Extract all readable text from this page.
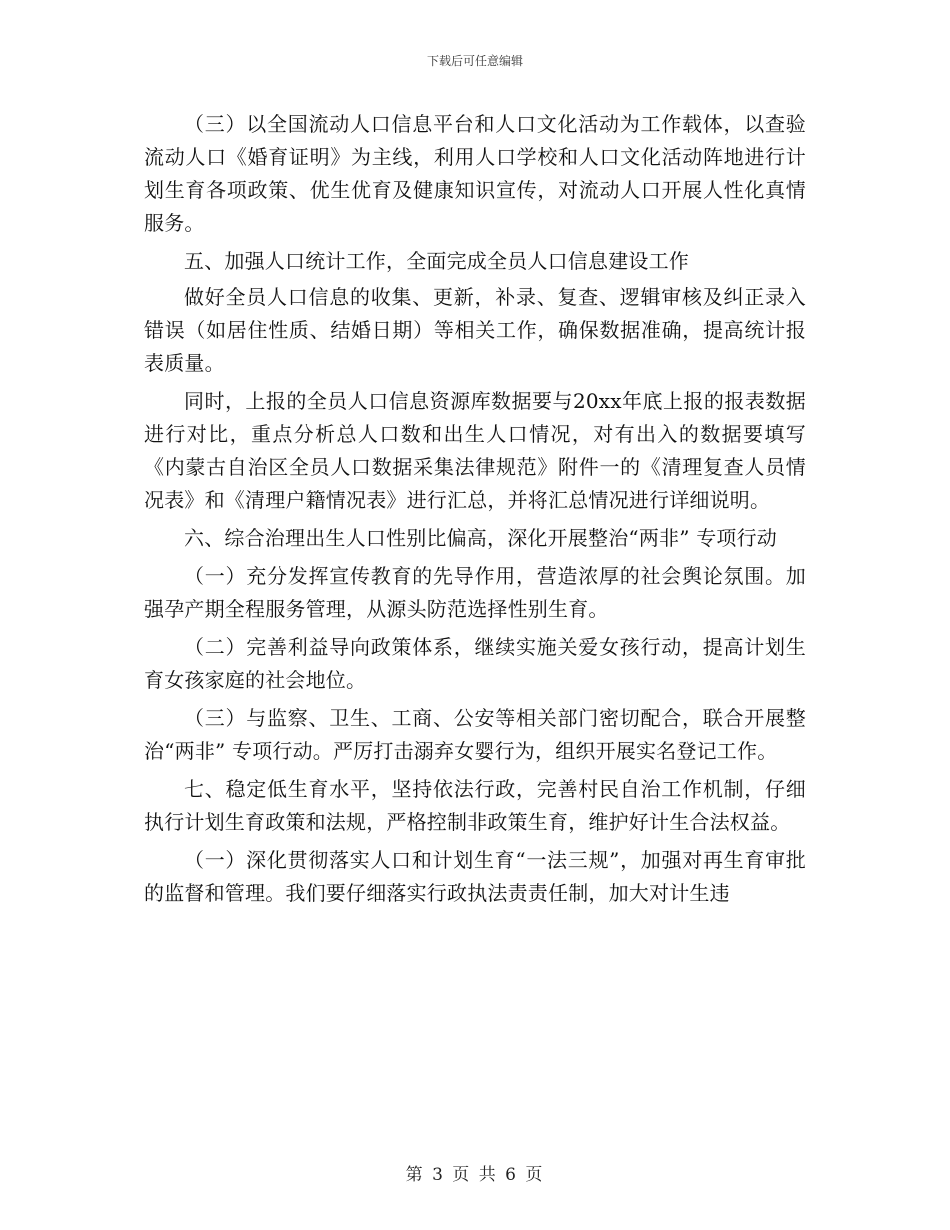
下载后可任意编辑

（三）以全国流动人口信息平台和人口文化活动为工作载体，以查验流动人口《婚育证明》为主线，利用人口学校和人口文化活动阵地进行计划生育各项政策、优生优育及健康知识宣传，对流动人口开展人性化真情服务。

五、加强人口统计工作，全面完成全员人口信息建设工作

做好全员人口信息的收集、更新，补录、复查、逻辑审核及纠正录入错误（如居住性质、结婚日期）等相关工作，确保数据准确，提高统计报表质量。

同时，上报的全员人口信息资源库数据要与20xx年底上报的报表数据进行对比，重点分析总人口数和出生人口情况，对有出入的数据要填写《内蒙古自治区全员人口数据采集法律规范》附件一的《清理复查人员情况表》和《清理户籍情况表》进行汇总，并将汇总情况进行详细说明。

六、综合治理出生人口性别比偏高，深化开展整治“两非” 专项行动

（一）充分发挥宣传教育的先导作用，营造浓厚的社会舆论氛围。加强孕产期全程服务管理，从源头防范选择性别生育。

（二）完善利益导向政策体系，继续实施关爱女孩行动，提高计划生育女孩家庭的社会地位。

（三）与监察、卫生、工商、公安等相关部门密切配合，联合开展整治“两非” 专项行动。严厉打击溺弃女婴行为，组织开展实名登记工作。

七、稳定低生育水平，坚持依法行政，完善村民自治工作机制，仔细执行计划生育政策和法规，严格控制非政策生育，维护好计生合法权益。

（一）深化贯彻落实人口和计划生育“一法三规”，加强对再生育审批的监督和管理。我们要仔细落实行政执法责责任制，加大对计生违

第 3 页 共 6 页
